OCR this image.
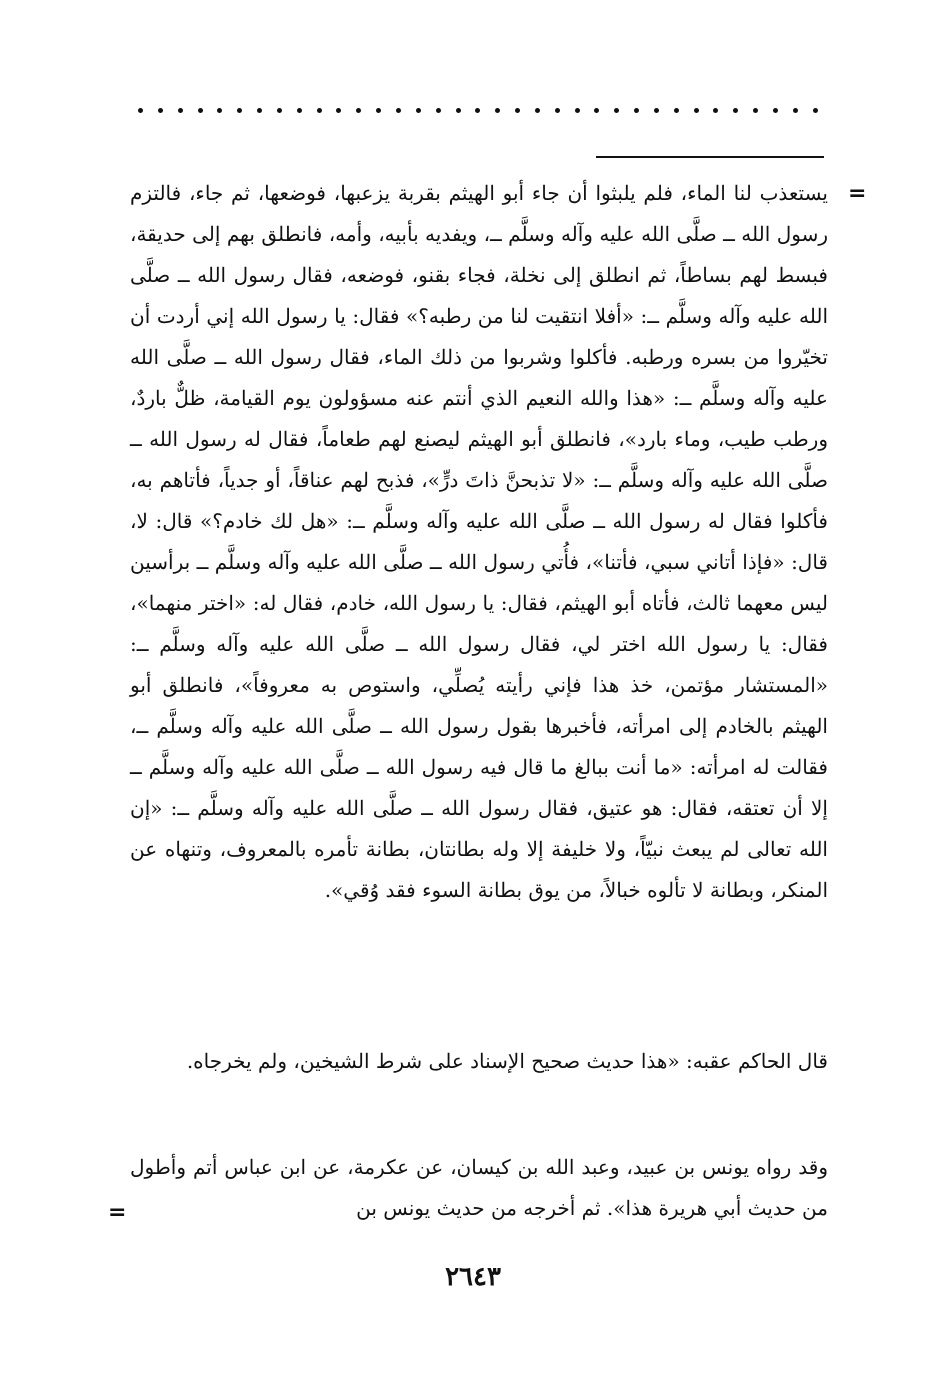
=

يستعذب لنا الماء، فلم يلبثوا أن جاء أبو الهيثم بقربة يزعبها، فوضعها، ثم جاء، فالتزم رسول الله ــ صلَّى الله عليه وآله وسلَّم ــ، ويفديه بأبيه، وأمه، فانطلق بهم إلى حديقة، فبسط لهم بساطاً، ثم انطلق إلى نخلة، فجاء بقنو، فوضعه، فقال رسول الله ــ صلَّى الله عليه وآله وسلَّم ــ: «أفلا انتقيت لنا من رطبه؟» فقال: يا رسول الله إني أردت أن تخيّروا من بسره ورطبه. فأكلوا وشربوا من ذلك الماء، فقال رسول الله ــ صلَّى الله عليه وآله وسلَّم ــ: «هذا والله النعيم الذي أنتم عنه مسؤولون يوم القيامة، ظلٌّ باردٌ، ورطب طيب، وماء بارد»، فانطلق أبو الهيثم ليصنع لهم طعاماً، فقال له رسول الله ــ صلَّى الله عليه وآله وسلَّم ــ: «لا تذبحنَّ ذاتَ درٍّ»، فذبح لهم عناقاً، أو جدياً، فأتاهم به، فأكلوا فقال له رسول الله ــ صلَّى الله عليه وآله وسلَّم ــ: «هل لك خادم؟» قال: لا، قال: «فإذا أتاني سبي، فأتنا»، فأُتي رسول الله ــ صلَّى الله عليه وآله وسلَّم ــ برأسين ليس معهما ثالث، فأتاه أبو الهيثم، فقال: يا رسول الله، خادم، فقال له: «اختر منهما»، فقال: يا رسول الله اختر لي، فقال رسول الله ــ صلَّى الله عليه وآله وسلَّم ــ: «المستشار مؤتمن، خذ هذا فإني رأيته يُصلِّي، واستوص به معروفاً»، فانطلق أبو الهيثم بالخادم إلى امرأته، فأخبرها بقول رسول الله ــ صلَّى الله عليه وآله وسلَّم ــ، فقالت له امرأته: «ما أنت ببالغ ما قال فيه رسول الله ــ صلَّى الله عليه وآله وسلَّم ــ إلا أن تعتقه، فقال: هو عتيق، فقال رسول الله ــ صلَّى الله عليه وآله وسلَّم ــ: «إن الله تعالى لم يبعث نبيّاً، ولا خليفة إلا وله بطانتان، بطانة تأمره بالمعروف، وتنهاه عن المنكر، وبطانة لا تألوه خبالاً، من يوق بطانة السوء فقد وُقي».

قال الحاكم عقبه: «هذا حديث صحيح الإسناد على شرط الشيخين، ولم يخرجاه.

وقد رواه يونس بن عبيد، وعبد الله بن كيسان، عن عكرمة، عن ابن عباس أتم وأطول من حديث أبي هريرة هذا». ثم أخرجه من حديث يونس بن

=
٢٦٤٣
